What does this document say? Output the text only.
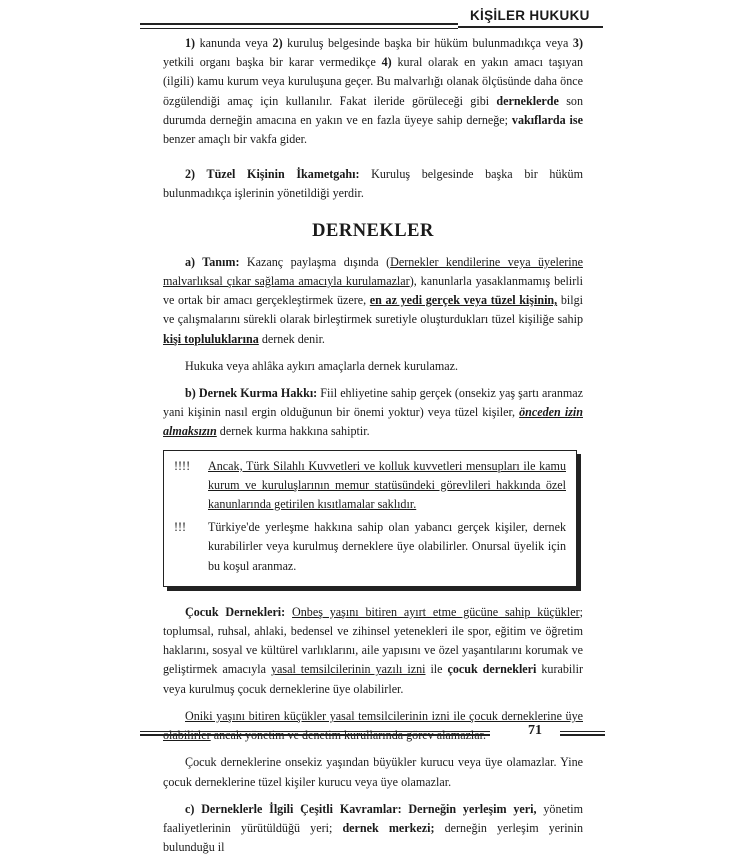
KİŞİLER HUKUKU

1) kanunda veya 2) kuruluş belgesinde başka bir hüküm bulunmadıkça veya 3) yetkili organı başka bir karar vermedikçe 4) kural olarak en yakın amacı taşıyan (ilgili) kamu kurum veya kuruluşuna geçer. Bu malvarlığı olanak ölçüsünde daha önce özgülendiği amaç için kullanılır. Fakat ileride görüleceği gibi derneklerde son durumda derneğin amacına en yakın ve en fazla üyeye sahip derneğe; vakıflarda ise benzer amaçlı bir vakfa gider.

2) Tüzel Kişinin İkametgahı: Kuruluş belgesinde başka bir hüküm bulunmadıkça işlerinin yönetildiği yerdir.

DERNEKLER

a) Tanım: Kazanç paylaşma dışında (Dernekler kendilerine veya üyelerine malvarlıksal çıkar sağlama amacıyla kurulamazlar), kanunlarla yasaklanmamış belirli ve ortak bir amacı gerçekleştirmek üzere, en az yedi gerçek veya tüzel kişinin, bilgi ve çalışmalarını sürekli olarak birleştirmek suretiyle oluşturdukları tüzel kişiliğe sahip kişi topluluklarına dernek denir.

Hukuka veya ahlâka aykırı amaçlarla dernek kurulamaz.

b) Dernek Kurma Hakkı: Fiil ehliyetine sahip gerçek (onsekiz yaş şartı aranmaz yani kişinin nasıl ergin olduğunun bir önemi yoktur) veya tüzel kişiler, önceden izin almaksızın dernek kurma hakkına sahiptir.

!!!!	Ancak, Türk Silahlı Kuvvetleri ve kolluk kuvvetleri mensupları ile kamu kurum ve kuruluşlarının memur statüsündeki görevlileri hakkında özel kanunlarında getirilen kısıtlamalar saklıdır.
!!!	Türkiye'de yerleşme hakkına sahip olan yabancı gerçek kişiler, dernek kurabilirler veya kurulmuş derneklere üye olabilirler. Onursal üyelik için bu koşul aranmaz.

Çocuk Dernekleri: Onbeş yaşını bitiren ayırt etme gücüne sahip küçükler; toplumsal, ruhsal, ahlaki, bedensel ve zihinsel yetenekleri ile spor, eğitim ve öğretim haklarını, sosyal ve kültürel varlıklarını, aile yapısını ve özel yaşantılarını korumak ve geliştirmek amacıyla yasal temsilcilerinin yazılı izni ile çocuk dernekleri kurabilir veya kurulmuş çocuk derneklerine üye olabilirler.

Oniki yaşını bitiren küçükler yasal temsilcilerinin izni ile çocuk derneklerine üye olabilirler ancak yönetim ve denetim kurullarında görev alamazlar.

Çocuk derneklerine onsekiz yaşından büyükler kurucu veya üye olamazlar. Yine çocuk derneklerine tüzel kişiler kurucu veya üye olamazlar.

c) Derneklerle İlgili Çeşitli Kavramlar: Derneğin yerleşim yeri, yönetim faaliyetlerinin yürütüldüğü yeri; dernek merkezi; derneğin yerleşim yerinin bulunduğu il

71
